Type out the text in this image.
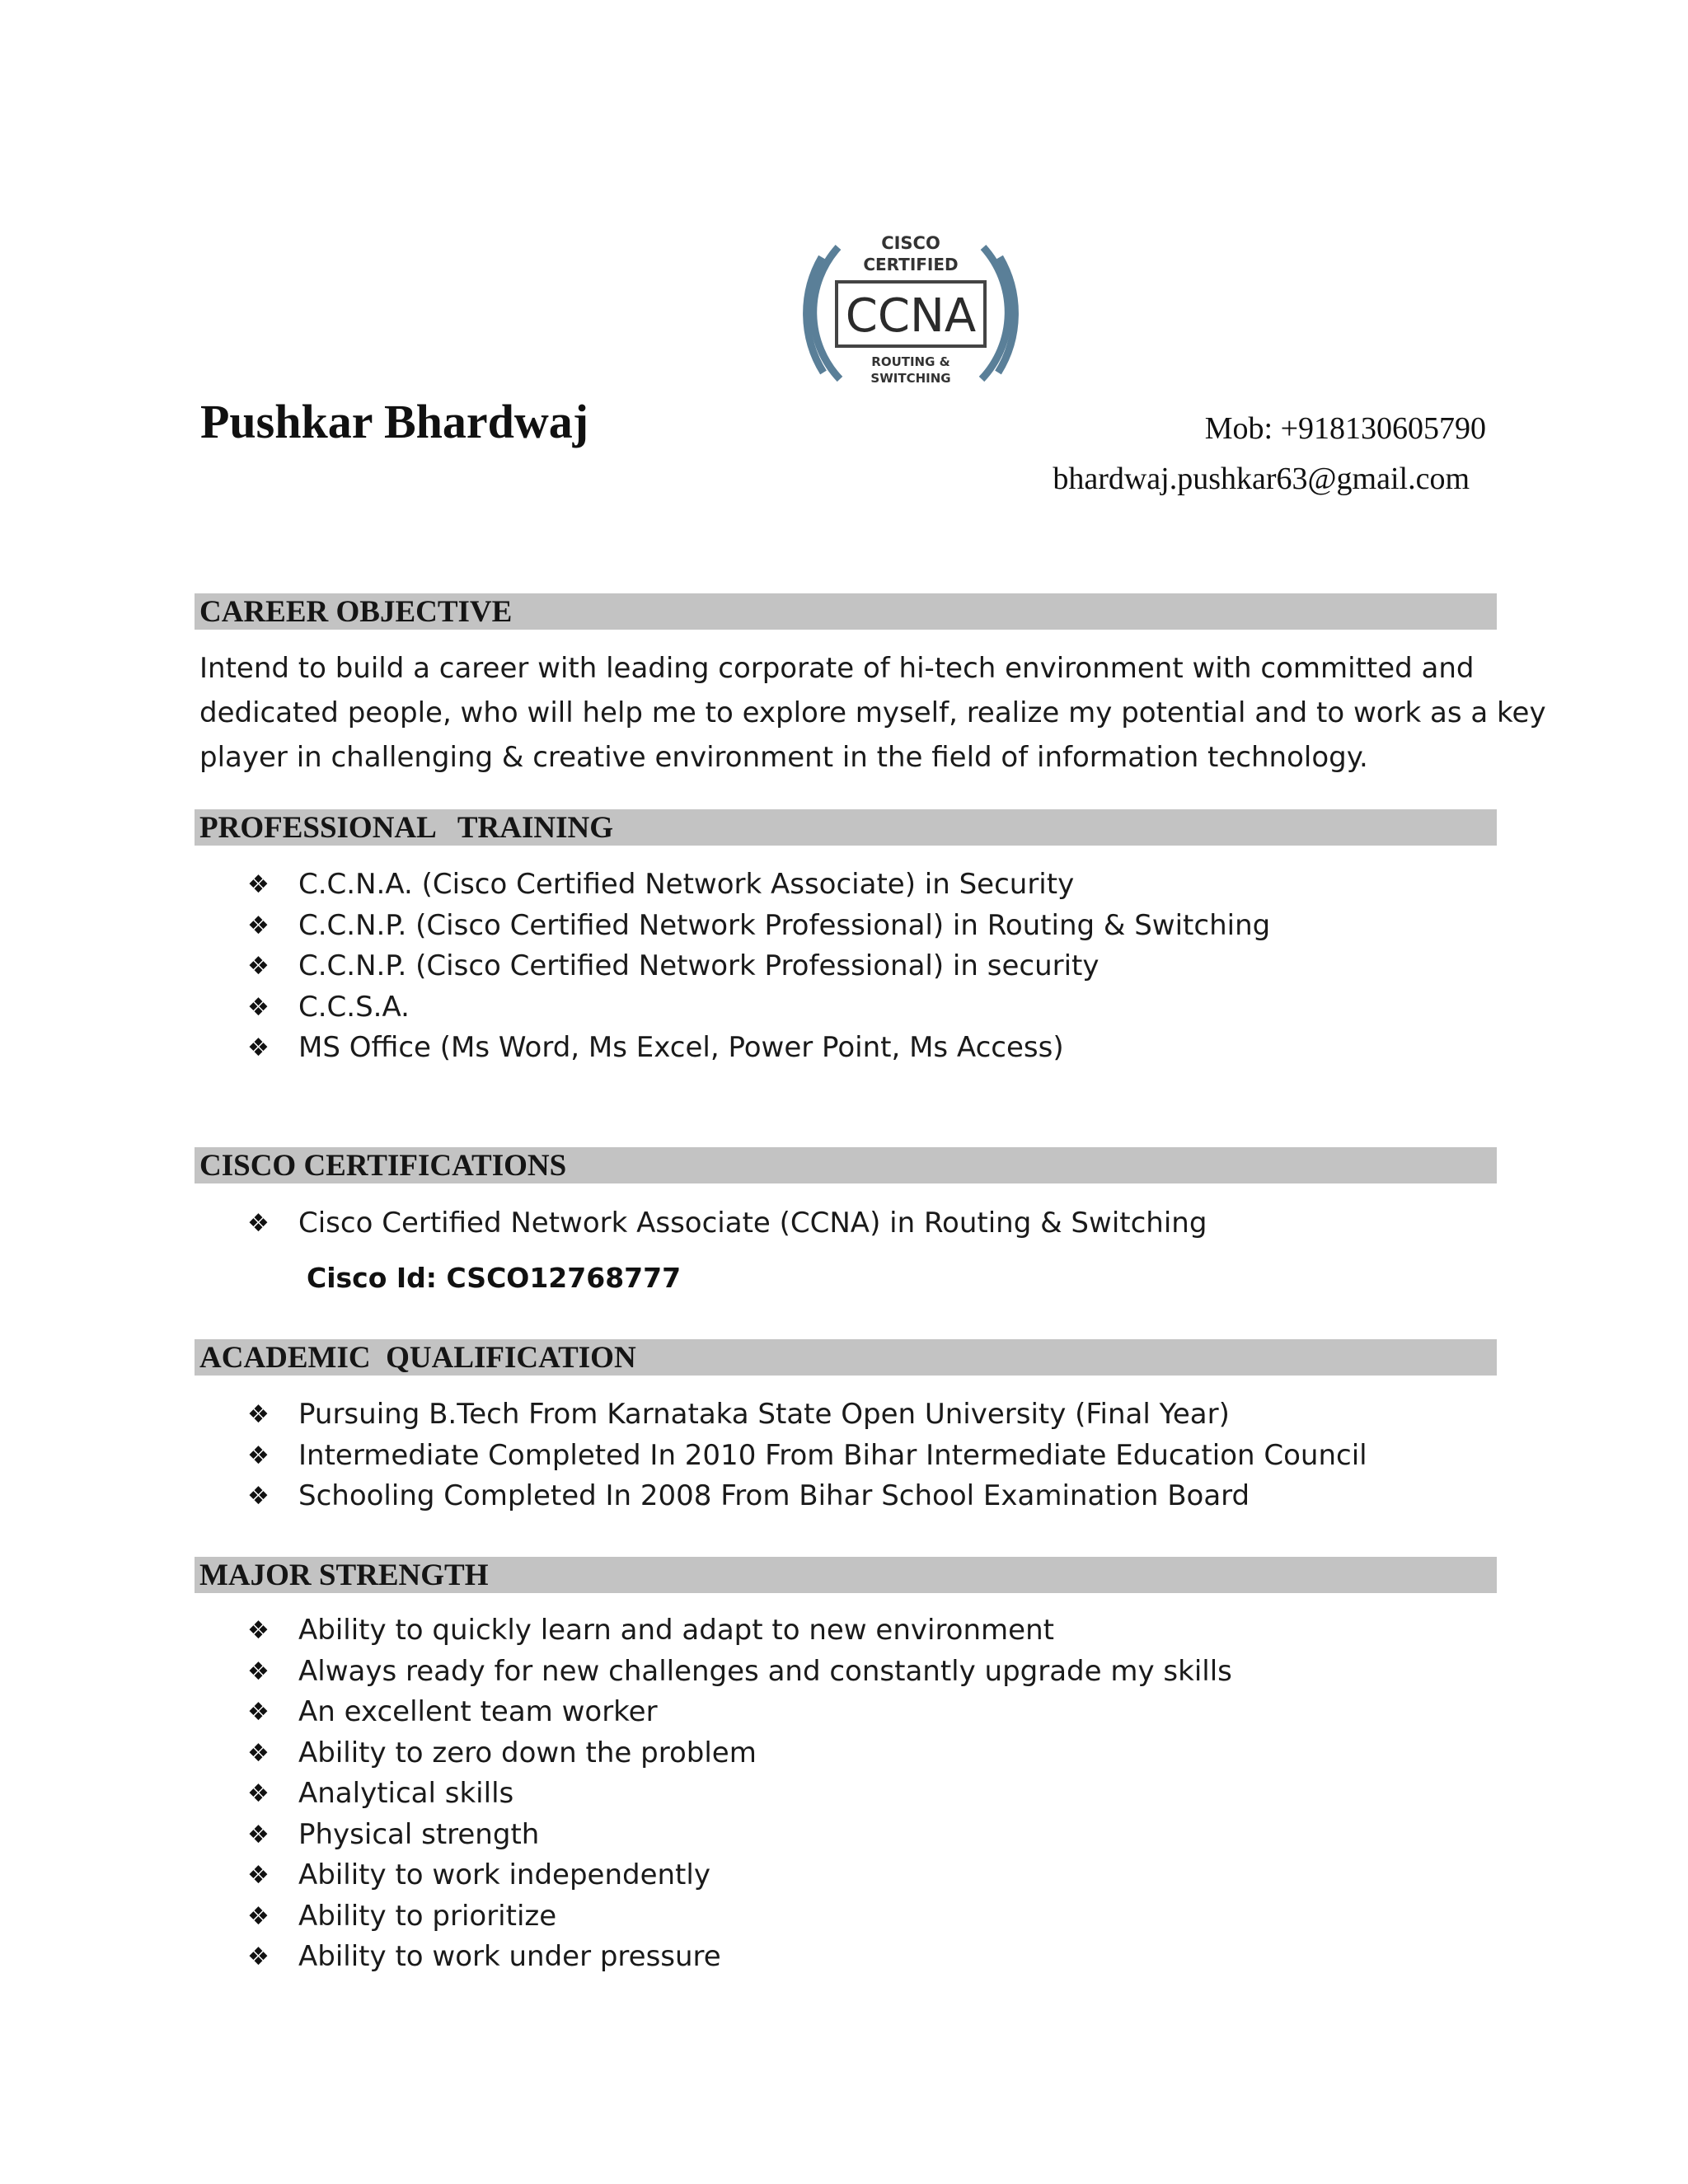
CISCO
CERTIFIED
CCNA
ROUTING &
SWITCHING
Pushkar Bhardwaj	Mob: +918130605790
bhardwaj.pushkar63@gmail.com
CAREER OBJECTIVE
Intend to build a career with leading corporate of hi-tech environment with committed and
dedicated people, who will help me to explore myself, realize my potential and to work as a key
player in challenging & creative environment in the field of information technology.
PROFESSIONAL   TRAINING
❖	C.C.N.A. (Cisco Certified Network Associate) in Security
❖	C.C.N.P. (Cisco Certified Network Professional) in Routing & Switching
❖	C.C.N.P. (Cisco Certified Network Professional) in security
❖	C.C.S.A.
❖	MS Office (Ms Word, Ms Excel, Power Point, Ms Access)
CISCO CERTIFICATIONS
❖	Cisco Certified Network Associate (CCNA) in Routing & Switching
Cisco Id: CSCO12768777
ACADEMIC  QUALIFICATION
❖	Pursuing B.Tech From Karnataka State Open University (Final Year)
❖	Intermediate Completed In 2010 From Bihar Intermediate Education Council
❖	Schooling Completed In 2008 From Bihar School Examination Board
MAJOR STRENGTH
❖	Ability to quickly learn and adapt to new environment
❖	Always ready for new challenges and constantly upgrade my skills
❖	An excellent team worker
❖	Ability to zero down the problem
❖	Analytical skills
❖	Physical strength
❖	Ability to work independently
❖	Ability to prioritize
❖	Ability to work under pressure
